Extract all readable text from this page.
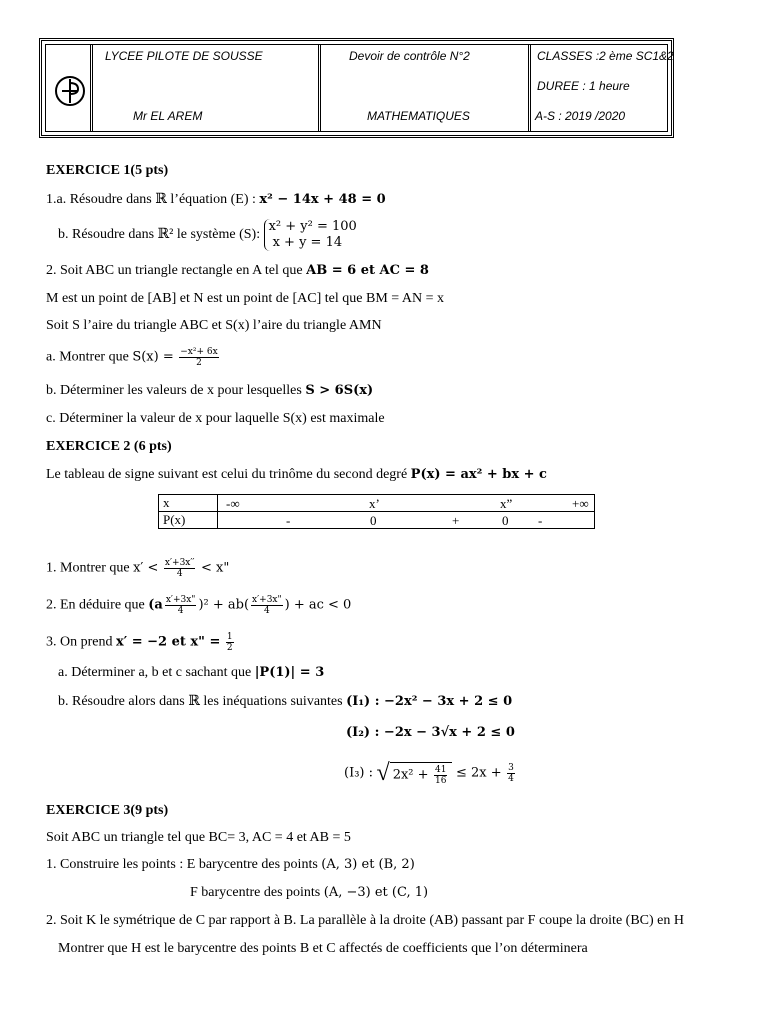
LYCEE PILOTE DE SOUSSE
Mr EL AREM
Devoir de contrôle N°2
MATHEMATIQUES
CLASSES :2 ème SC1&2
DUREE : 1 heure
A-S : 2019 /2020
EXERCICE 1(5 pts)
1.a. Résoudre dans ℝ l’équation (E) : x² − 14x + 48 = 0
b. Résoudre dans ℝ² le système (S):
x² + y² = 100
x + y = 14
2. Soit ABC un triangle rectangle en A tel que AB = 6 et AC = 8
M est un point de [AB] et N est un point de [AC] tel que BM = AN = x
Soit S l’aire du triangle ABC et S(x) l’aire du triangle AMN
a. Montrer que $S(x) = \frac{\text{−x²+ 6x}}{2}$
b. Déterminer les valeurs de x pour lesquelles S > 6S(x)
c. Déterminer la valeur de x pour laquelle S(x) est maximale
EXERCICE 2 (6 pts)
Le tableau de signe suivant est celui du trinôme du second degré P(x) = ax² + bx + c
x	-∞ x’ x” +∞

P(x)	- 0 + 0 -
1. Montrer que $x' < \frac{x'+3x''}{4} < x$"
2. En déduire que $(a \frac{x'+3x"}{4} )^2 + ab( \frac{x'+3x"}{4}$ ) + ac < 0
3. On prend x′ = −2 et x" = $\frac{1}{2}$
a. Déterminer a, b et c sachant que |P(1)| = 3
b. Résoudre alors dans ℝ les inéquations suivantes (I₁) : −2x² − 3x + 2 ≤ 0
(I₂) : −2x − 3√x + 2 ≤ 0
(I₃) : √ $2x^2 + \frac{41}{16} \le 2x + \frac{3}{4}$
EXERCICE 3(9 pts)
Soit ABC un triangle tel que BC= 3, AC = 4 et AB = 5
1. Construire les points : E barycentre des points (A, 3) et (B, 2)
F barycentre des points (A, −3) et (C, 1)
2. Soit K le symétrique de C par rapport à B. La parallèle à la droite (AB) passant par F coupe la droite (BC) en H
Montrer que H est le barycentre des points B et C affectés de coefficients que l’on déterminera
